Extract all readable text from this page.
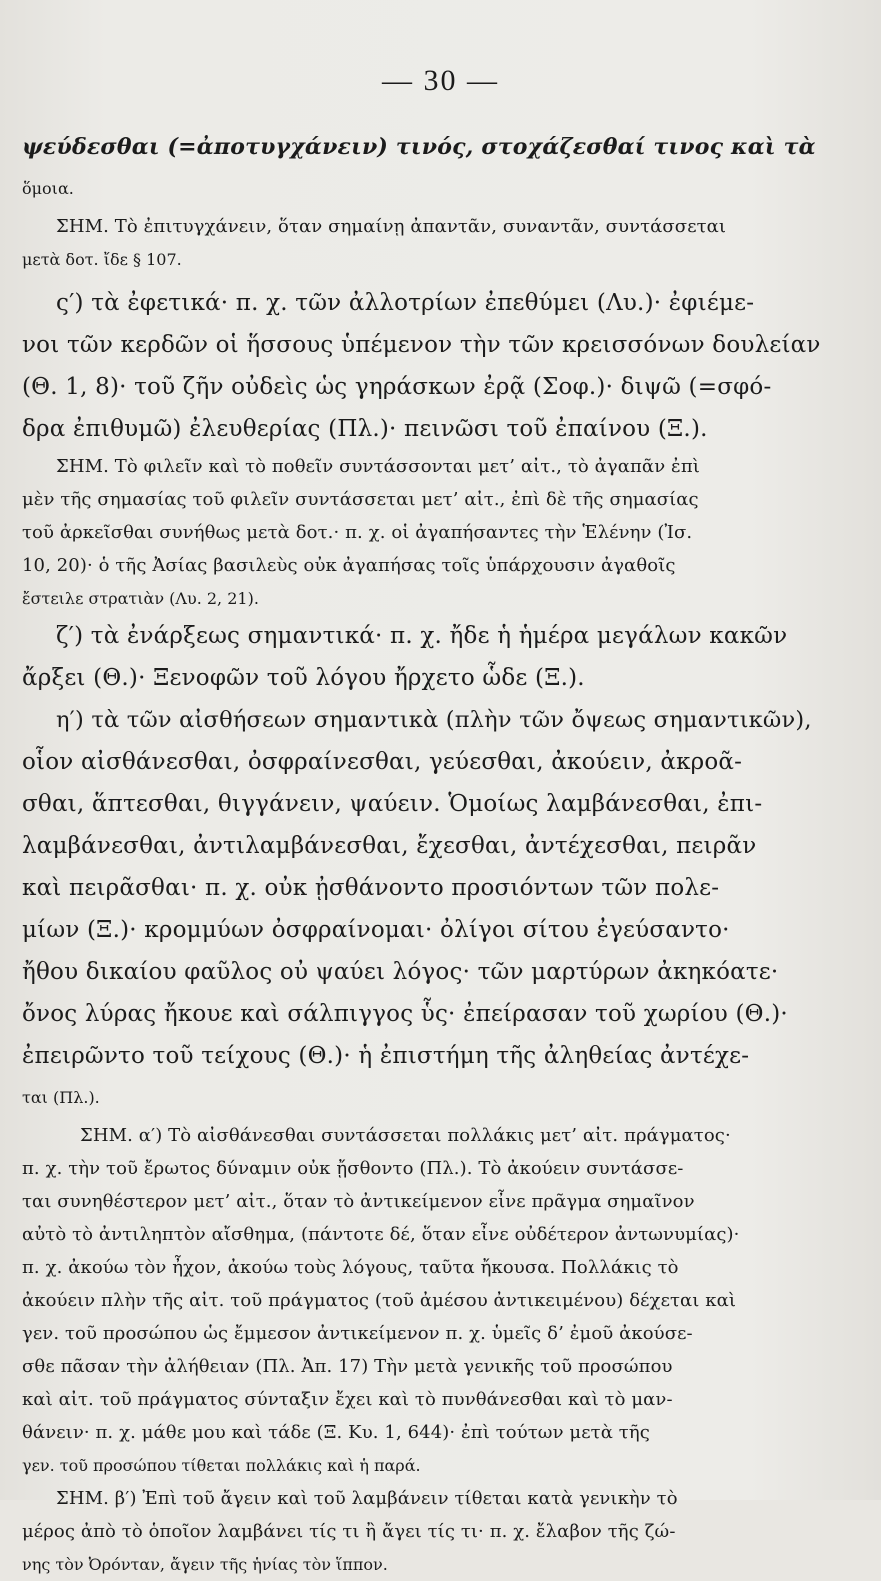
— 30 —
ψεύδεσθαι (=ἀποτυγχάνειν) τινός, στοχάζεσθαί τινος καὶ τὰ
ὅμοια.
ΣΗΜ. Τὸ ἐπιτυγχάνειν, ὅταν σημαίνῃ ἀπαντᾶν, συναντᾶν, συντάσσεται
μετὰ δοτ. ἴδε § 107.
ς′) τὰ ἐφετικά· π. χ. τῶν ἀλλοτρίων ἐπεθύμει (Λυ.)· ἐφιέμε-
νοι τῶν κερδῶν οἱ ἥσσους ὑπέμενον τὴν τῶν κρεισσόνων δουλείαν
(Θ. 1, 8)· τοῦ ζῆν οὐδεὶς ὡς γηράσκων ἐρᾷ (Σοφ.)· διψῶ (=σφό-
δρα ἐπιθυμῶ) ἐλευθερίας (Πλ.)· πεινῶσι τοῦ ἐπαίνου (Ξ.).
ΣΗΜ. Τὸ φιλεῖν καὶ τὸ ποθεῖν συντάσσονται μετ’ αἰτ., τὸ ἀγαπᾶν ἐπὶ
μὲν τῆς σημασίας τοῦ φιλεῖν συντάσσεται μετ’ αἰτ., ἐπὶ δὲ τῆς σημασίας
τοῦ ἀρκεῖσθαι συνήθως μετὰ δοτ.· π. χ. οἱ ἀγαπήσαντες τὴν Ἑλένην (Ἰσ.
10, 20)· ὁ τῆς Ἀσίας βασιλεὺς οὐκ ἀγαπήσας τοῖς ὑπάρχουσιν ἀγαθοῖς
ἔστειλε στρατιὰν (Λυ. 2, 21).
ζ′) τὰ ἐνάρξεως σημαντικά· π. χ. ἤδε ἡ ἡμέρα μεγάλων κακῶν
ἄρξει (Θ.)· Ξενοφῶν τοῦ λόγου ἤρχετο ὧδε (Ξ.).
η′) τὰ τῶν αἰσθήσεων σημαντικὰ (πλὴν τῶν ὄψεως σημαντικῶν),
οἷον αἰσθάνεσθαι, ὀσφραίνεσθαι, γεύεσθαι, ἀκούειν, ἀκροᾶ-
σθαι, ἅπτεσθαι, θιγγάνειν, ψαύειν. Ὁμοίως λαμβάνεσθαι, ἐπι-
λαμβάνεσθαι, ἀντιλαμβάνεσθαι, ἔχεσθαι, ἀντέχεσθαι, πειρᾶν
καὶ πειρᾶσθαι· π. χ. οὐκ ᾐσθάνοντο προσιόντων τῶν πολε-
μίων (Ξ.)· κρομμύων ὀσφραίνομαι· ὀλίγοι σίτου ἐγεύσαντο·
ἤθου δικαίου φαῦλος οὐ ψαύει λόγος· τῶν μαρτύρων ἀκηκόατε·
ὄνος λύρας ἤκουε καὶ σάλπιγγος ὗς· ἐπείρασαν τοῦ χωρίου (Θ.)·
ἐπειρῶντο τοῦ τείχους (Θ.)· ἡ ἐπιστήμη τῆς ἀληθείας ἀντέχε-
ται (Πλ.).
ΣΗΜ. α′) Τὸ αἰσθάνεσθαι συντάσσεται πολλάκις μετ’ αἰτ. πράγματος·
π. χ. τὴν τοῦ ἔρωτος δύναμιν οὐκ ᾔσθοντο (Πλ.). Τὸ ἀκούειν συντάσσε-
ται συνηθέστερον μετ’ αἰτ., ὅταν τὸ ἀντικείμενον εἶνε πρᾶγμα σημαῖνον
αὐτὸ τὸ ἀντιληπτὸν αἴσθημα, (πάντοτε δέ, ὅταν εἶνε οὐδέτερον ἀντωνυμίας)·
π. χ. ἀκούω τὸν ἦχον, ἀκούω τοὺς λόγους, ταῦτα ἤκουσα. Πολλάκις τὸ
ἀκούειν πλὴν τῆς αἰτ. τοῦ πράγματος (τοῦ ἀμέσου ἀντικειμένου) δέχεται καὶ
γεν. τοῦ προσώπου ὡς ἔμμεσον ἀντικείμενον π. χ. ὑμεῖς δ’ ἐμοῦ ἀκούσε-
σθε πᾶσαν τὴν ἀλήθειαν (Πλ. Ἀπ. 17) Τὴν μετὰ γενικῆς τοῦ προσώπου
καὶ αἰτ. τοῦ πράγματος σύνταξιν ἔχει καὶ τὸ πυνθάνεσθαι καὶ τὸ μαν-
θάνειν· π. χ. μάθε μου καὶ τάδε (Ξ. Κυ. 1, 644)· ἐπὶ τούτων μετὰ τῆς
γεν. τοῦ προσώπου τίθεται πολλάκις καὶ ἡ παρά.
ΣΗΜ. β′) Ἐπὶ τοῦ ἄγειν καὶ τοῦ λαμβάνειν τίθεται κατὰ γενικὴν τὸ
μέρος ἀπὸ τὸ ὁποῖον λαμβάνει τίς τι ἢ ἄγει τίς τι· π. χ. ἔλαβον τῆς ζώ-
νης τὸν Ὀρόνταν, ἄγειν τῆς ἡνίας τὸν ἵππον.
